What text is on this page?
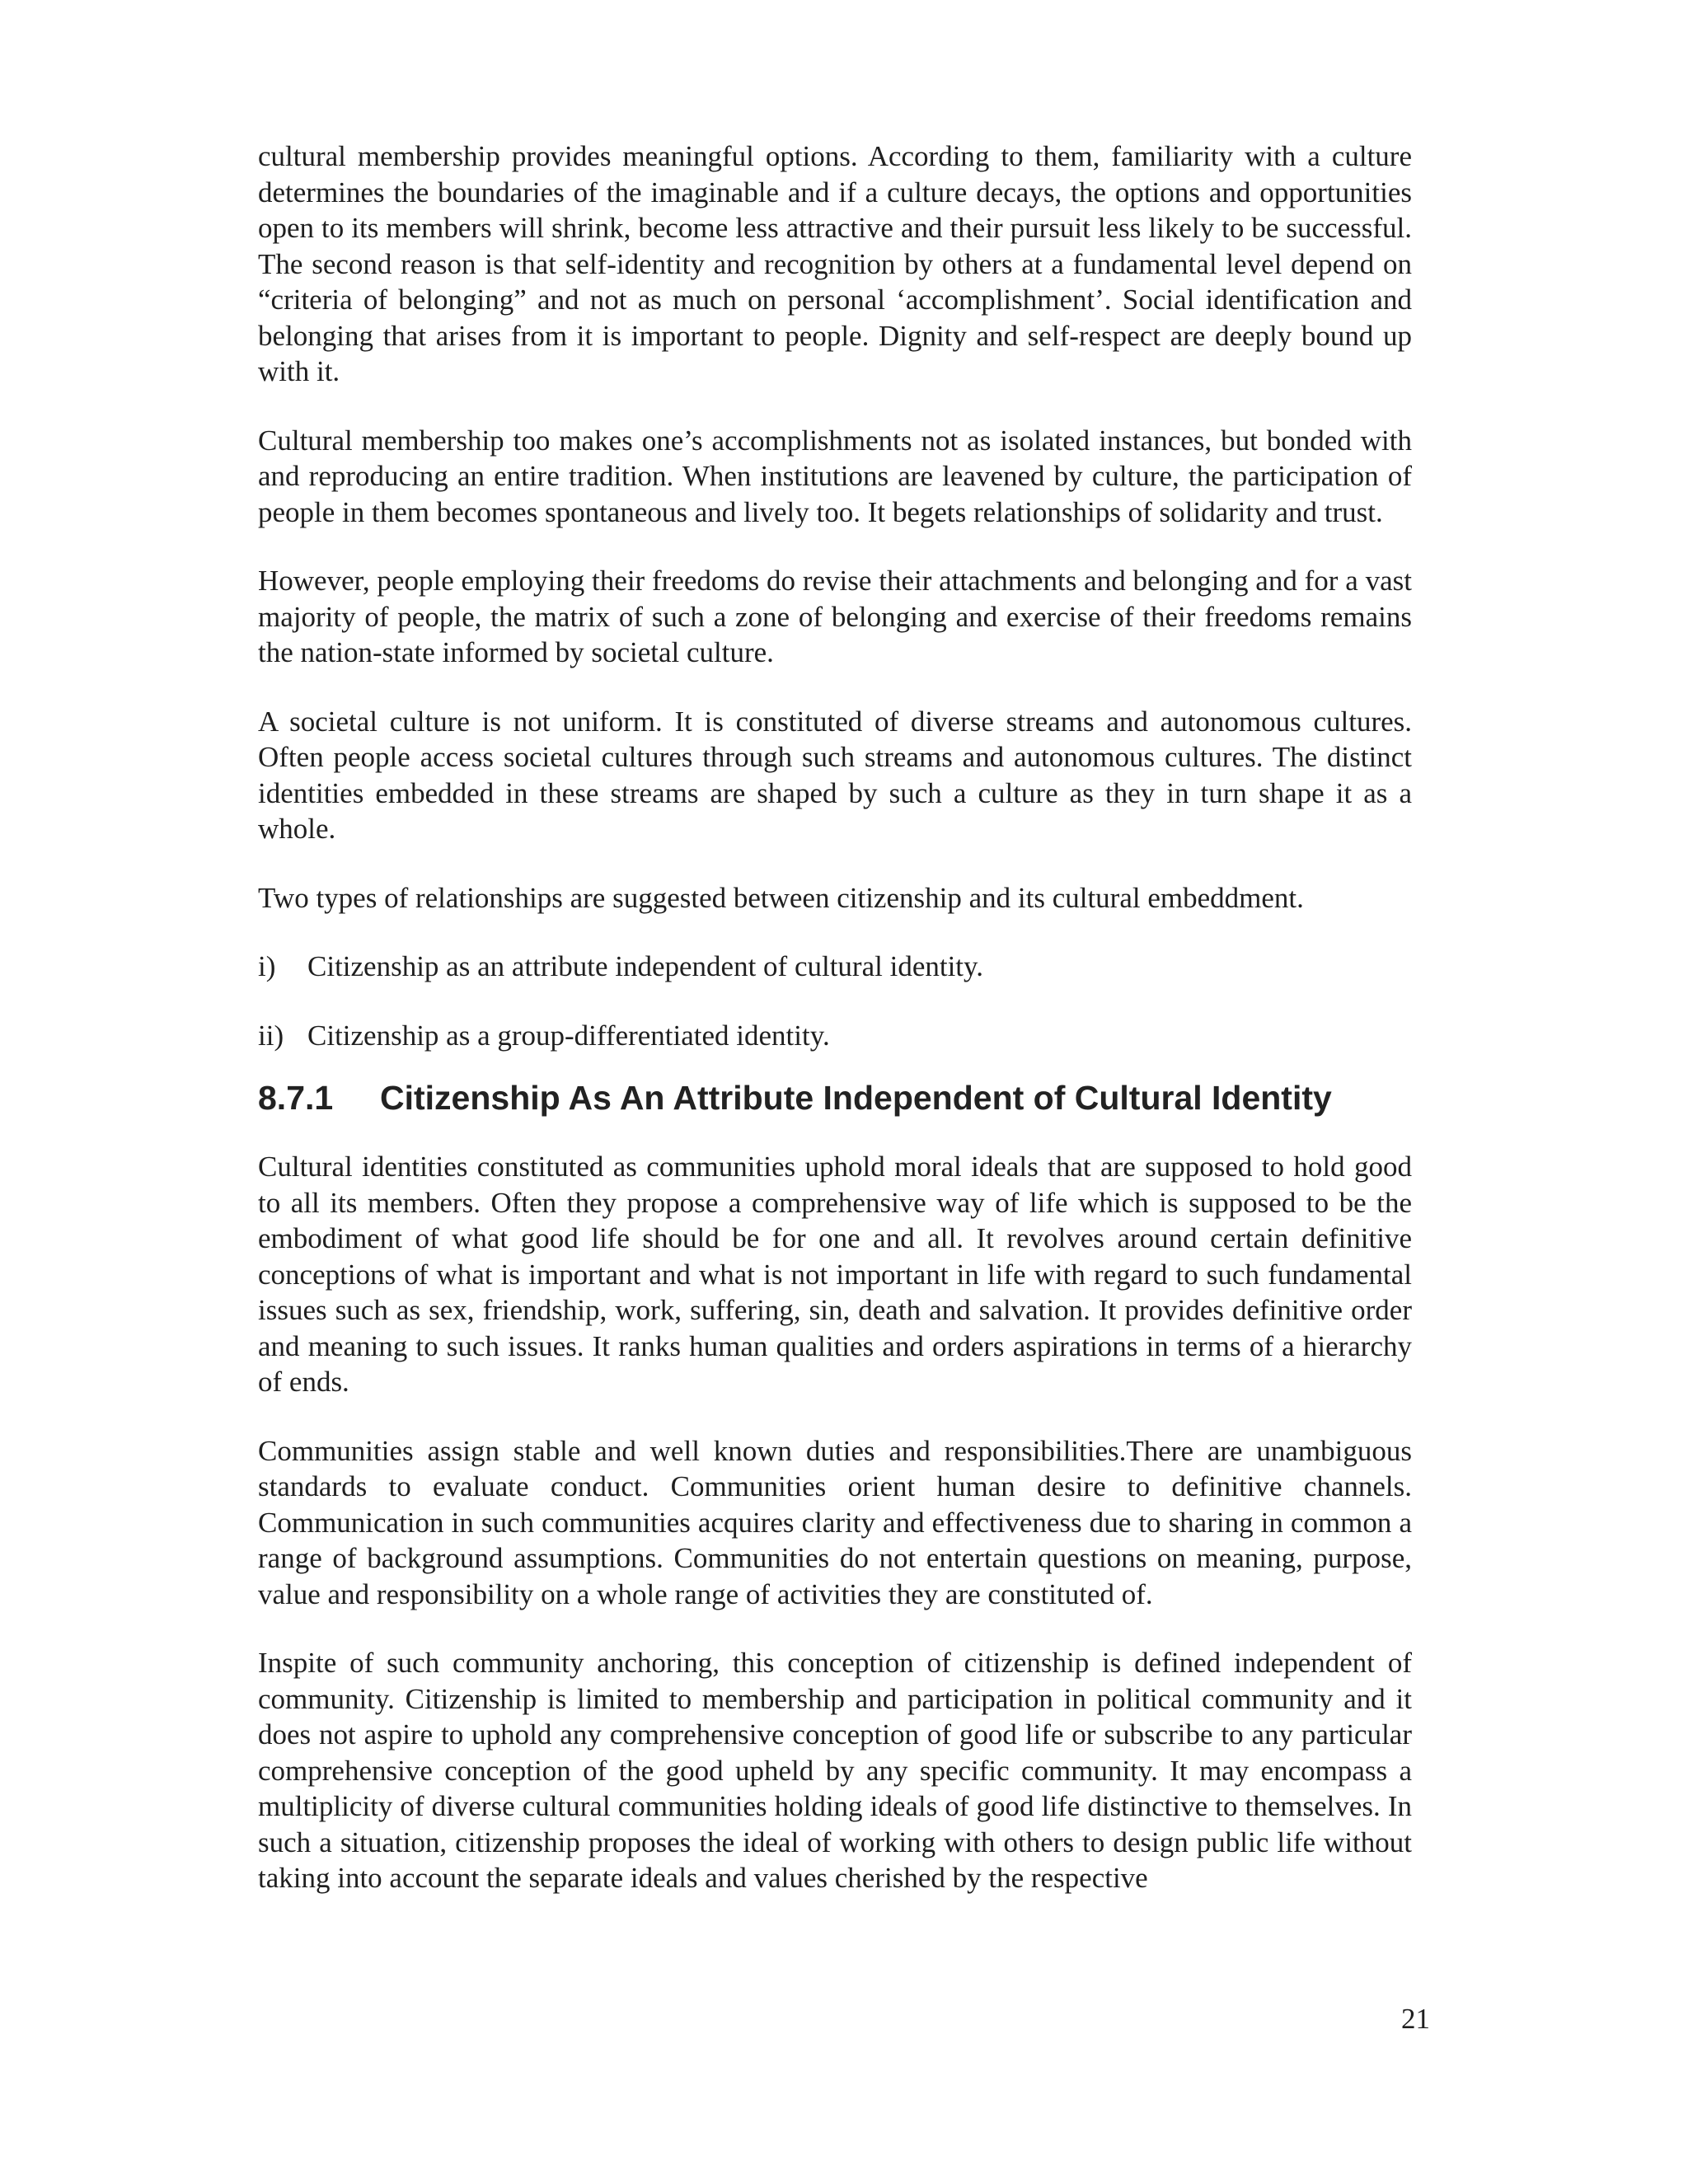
cultural membership provides meaningful options. According to them, familiarity with a culture determines the boundaries of the imaginable and if a culture decays, the options and opportunities open to its members will shrink, become less attractive and their pursuit less likely to be successful. The second reason is that self-identity and recognition by others at a fundamental level depend on “criteria of belonging” and not as much on personal ‘accomplishment’. Social identification and belonging that arises from it is important to people. Dignity and self-respect are deeply bound up with it.

Cultural membership too makes one’s accomplishments not as isolated instances, but bonded with and reproducing an entire tradition. When institutions are leavened by culture, the participation of people in them becomes spontaneous and lively too. It begets relationships of solidarity and trust.

However, people employing their freedoms do revise their attachments and belonging and for a vast majority of people, the matrix of such a zone of belonging and exercise of their freedoms remains the nation-state informed by societal culture.

A societal culture is not uniform. It is constituted of diverse streams and autonomous cultures. Often people access societal cultures through such streams and autonomous cultures. The distinct identities embedded in these streams are shaped by such a culture as they in turn shape it as a whole.

Two types of relationships are suggested between citizenship and its cultural embeddment.

i)	Citizenship as an attribute independent of cultural identity.
ii) Citizenship as a group-differentiated identity.
8.7.1	Citizenship As An Attribute Independent of Cultural Identity

Cultural identities constituted as communities uphold moral ideals that are supposed to hold good to all its members. Often they propose a comprehensive way of life which is supposed to be the embodiment of what good life should be for one and all. It revolves around certain definitive conceptions of what is important and what is not important in life with regard to such fundamental issues such as sex, friendship, work, suffering, sin, death and salvation. It provides definitive order and meaning to such issues. It ranks human qualities and orders aspirations in terms of a hierarchy of ends.

Communities assign stable and well known duties and responsibilities.There are unambiguous standards to evaluate conduct. Communities orient human desire to definitive channels. Communication in such communities acquires clarity and effectiveness due to sharing in common a range of background assumptions. Communities do not entertain questions on meaning, purpose, value and responsibility on a whole range of activities they are constituted of.

Inspite of such community anchoring, this conception of citizenship is defined independent of community. Citizenship is limited to membership and participation in political community and it does not aspire to uphold any comprehensive conception of good life or subscribe to any particular comprehensive conception of the good upheld by any specific community. It may encompass a multiplicity of diverse cultural communities holding ideals of good life distinctive to themselves. In such a situation, citizenship proposes the ideal of working with others to design public life without taking into account the separate ideals and values cherished by the respective

21
